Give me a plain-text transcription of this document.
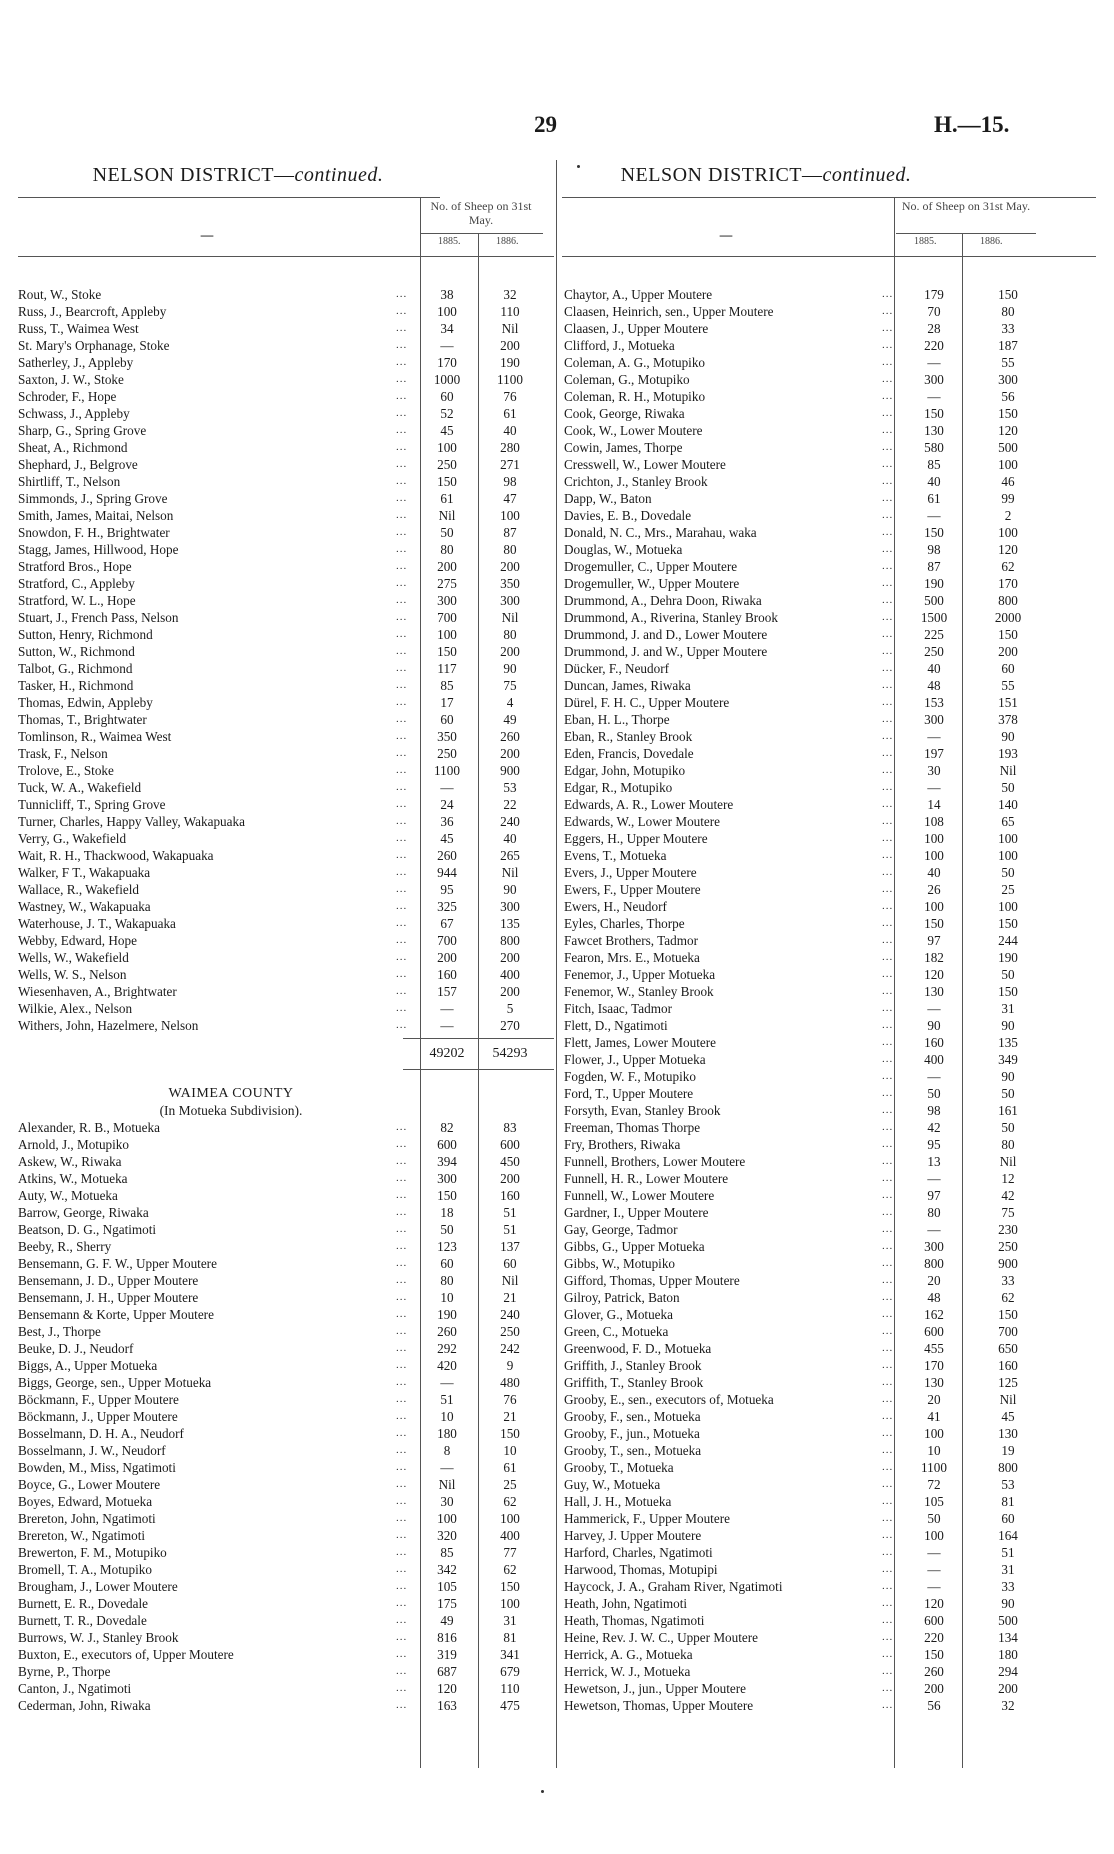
29	H.—15.
NELSON DISTRICT—continued.
—
No. of Sheep on 31st May.
1885.	1886.
Rout, W., Stoke	...	38	32
Russ, J., Bearcroft, Appleby	...	100	110
Russ, T., Waimea West	...	34	Nil
St. Mary's Orphanage, Stoke	...	—	200
Satherley, J., Appleby	...	170	190
Saxton, J. W., Stoke	...	1000	1100
Schroder, F., Hope	...	60	76
Schwass, J., Appleby	...	52	61
Sharp, G., Spring Grove	...	45	40
Sheat, A., Richmond	...	100	280
Shephard, J., Belgrove	...	250	271
Shirtliff, T., Nelson	...	150	98
Simmonds, J., Spring Grove	...	61	47
Smith, James, Maitai, Nelson	...	Nil	100
Snowdon, F. H., Brightwater	...	50	87
Stagg, James, Hillwood, Hope	...	80	80
Stratford Bros., Hope	...	200	200
Stratford, C., Appleby	...	275	350
Stratford, W. L., Hope	...	300	300
Stuart, J., French Pass, Nelson	...	700	Nil
Sutton, Henry, Richmond	...	100	80
Sutton, W., Richmond	...	150	200
Talbot, G., Richmond	...	117	90
Tasker, H., Richmond	...	85	75
Thomas, Edwin, Appleby	...	17	4
Thomas, T., Brightwater	...	60	49
Tomlinson, R., Waimea West	...	350	260
Trask, F., Nelson	...	250	200
Trolove, E., Stoke	...	1100	900
Tuck, W. A., Wakefield	...	—	53
Tunnicliff, T., Spring Grove	...	24	22
Turner, Charles, Happy Valley, Wakapuaka	...	36	240
Verry, G., Wakefield	...	45	40
Wait, R. H., Thackwood, Wakapuaka	...	260	265
Walker, F T., Wakapuaka	...	944	Nil
Wallace, R., Wakefield	...	95	90
Wastney, W., Wakapuaka	...	325	300
Waterhouse, J. T., Wakapuaka	...	67	135
Webby, Edward, Hope	...	700	800
Wells, W., Wakefield	...	200	200
Wells, W. S., Nelson	...	160	400
Wiesenhaven, A., Brightwater	...	157	200
Wilkie, Alex., Nelson	...	—	5
Withers, John, Hazelmere, Nelson	...	—	270
49202	54293
WAIMEA COUNTY
(In Motueka Subdivision).
Alexander, R. B., Motueka	...	82	83
Arnold, J., Motupiko	...	600	600
Askew, W., Riwaka	...	394	450
Atkins, W., Motueka	...	300	200
Auty, W., Motueka	...	150	160
Barrow, George, Riwaka	...	18	51
Beatson, D. G., Ngatimoti	...	50	51
Beeby, R., Sherry	...	123	137
Bensemann, G. F. W., Upper Moutere	...	60	60
Bensemann, J. D., Upper Moutere	...	80	Nil
Bensemann, J. H., Upper Moutere	...	10	21
Bensemann & Korte, Upper Moutere	...	190	240
Best, J., Thorpe	...	260	250
Beuke, D. J., Neudorf	...	292	242
Biggs, A., Upper Motueka	...	420	9
Biggs, George, sen., Upper Motueka	...	—	480
Böckmann, F., Upper Moutere	...	51	76
Böckmann, J., Upper Moutere	...	10	21
Bosselmann, D. H. A., Neudorf	...	180	150
Bosselmann, J. W., Neudorf	...	8	10
Bowden, M., Miss, Ngatimoti	...	—	61
Boyce, G., Lower Moutere	...	Nil	25
Boyes, Edward, Motueka	...	30	62
Brereton, John, Ngatimoti	...	100	100
Brereton, W., Ngatimoti	...	320	400
Brewerton, F. M., Motupiko	...	85	77
Bromell, T. A., Motupiko	...	342	62
Brougham, J., Lower Moutere	...	105	150
Burnett, E. R., Dovedale	...	175	100
Burnett, T. R., Dovedale	...	49	31
Burrows, W. J., Stanley Brook	...	816	81
Buxton, E., executors of, Upper Moutere	...	319	341
Byrne, P., Thorpe	...	687	679
Canton, J., Ngatimoti	...	120	110
Cederman, John, Riwaka	...	163	475
NELSON DISTRICT—continued.
—
No. of Sheep on 31st May.
1885.	1886.
Chaytor, A., Upper Moutere	...	179	150
Claasen, Heinrich, sen., Upper Moutere	...	70	80
Claasen, J., Upper Moutere	...	28	33
Clifford, J., Motueka	...	220	187
Coleman, A. G., Motupiko	...	—	55
Coleman, G., Motupiko	...	300	300
Coleman, R. H., Motupiko	...	—	56
Cook, George, Riwaka	...	150	150
Cook, W., Lower Moutere	...	130	120
Cowin, James, Thorpe	...	580	500
Cresswell, W., Lower Moutere	...	85	100
Crichton, J., Stanley Brook	...	40	46
Dapp, W., Baton	...	61	99
Davies, E. B., Dovedale	...	—	2
Donald, N. C., Mrs., Marahau, waka	...	150	100
Douglas, W., Motueka	...	98	120
Drogemuller, C., Upper Moutere	...	87	62
Drogemuller, W., Upper Moutere	...	190	170
Drummond, A., Dehra Doon, Riwaka	...	500	800
Drummond, A., Riverina, Stanley Brook	...	1500	2000
Drummond, J. and D., Lower Moutere	...	225	150
Drummond, J. and W., Upper Moutere	...	250	200
Dücker, F., Neudorf	...	40	60
Duncan, James, Riwaka	...	48	55
Dürel, F. H. C., Upper Moutere	...	153	151
Eban, H. L., Thorpe	...	300	378
Eban, R., Stanley Brook	...	—	90
Eden, Francis, Dovedale	...	197	193
Edgar, John, Motupiko	...	30	Nil
Edgar, R., Motupiko	...	—	50
Edwards, A. R., Lower Moutere	...	14	140
Edwards, W., Lower Moutere	...	108	65
Eggers, H., Upper Moutere	...	100	100
Evens, T., Motueka	...	100	100
Evers, J., Upper Moutere	...	40	50
Ewers, F., Upper Moutere	...	26	25
Ewers, H., Neudorf	...	100	100
Eyles, Charles, Thorpe	...	150	150
Fawcet Brothers, Tadmor	...	97	244
Fearon, Mrs. E., Motueka	...	182	190
Fenemor, J., Upper Motueka	...	120	50
Fenemor, W., Stanley Brook	...	130	150
Fitch, Isaac, Tadmor	...	—	31
Flett, D., Ngatimoti	...	90	90
Flett, James, Lower Moutere	...	160	135
Flower, J., Upper Motueka	...	400	349
Fogden, W. F., Motupiko	...	—	90
Ford, T., Upper Moutere	...	50	50
Forsyth, Evan, Stanley Brook	...	98	161
Freeman, Thomas Thorpe	...	42	50
Fry, Brothers, Riwaka	...	95	80
Funnell, Brothers, Lower Moutere	...	13	Nil
Funnell, H. R., Lower Moutere	...	—	12
Funnell, W., Lower Moutere	...	97	42
Gardner, I., Upper Moutere	...	80	75
Gay, George, Tadmor	...	—	230
Gibbs, G., Upper Motueka	...	300	250
Gibbs, W., Motupiko	...	800	900
Gifford, Thomas, Upper Moutere	...	20	33
Gilroy, Patrick, Baton	...	48	62
Glover, G., Motueka	...	162	150
Green, C., Motueka	...	600	700
Greenwood, F. D., Motueka	...	455	650
Griffith, J., Stanley Brook	...	170	160
Griffith, T., Stanley Brook	...	130	125
Grooby, E., sen., executors of, Motueka	...	20	Nil
Grooby, F., sen., Motueka	...	41	45
Grooby, F., jun., Motueka	...	100	130
Grooby, T., sen., Motueka	...	10	19
Grooby, T., Motueka	...	1100	800
Guy, W., Motueka	...	72	53
Hall, J. H., Motueka	...	105	81
Hammerick, F., Upper Moutere	...	50	60
Harvey, J. Upper Moutere	...	100	164
Harford, Charles, Ngatimoti	...	—	51
Harwood, Thomas, Motupipi	...	—	31
Haycock, J. A., Graham River, Ngatimoti	...	—	33
Heath, John, Ngatimoti	...	120	90
Heath, Thomas, Ngatimoti	...	600	500
Heine, Rev. J. W. C., Upper Moutere	...	220	134
Herrick, A. G., Motueka	...	150	180
Herrick, W. J., Motueka	...	260	294
Hewetson, J., jun., Upper Moutere	...	200	200
Hewetson, Thomas, Upper Moutere	...	56	32
